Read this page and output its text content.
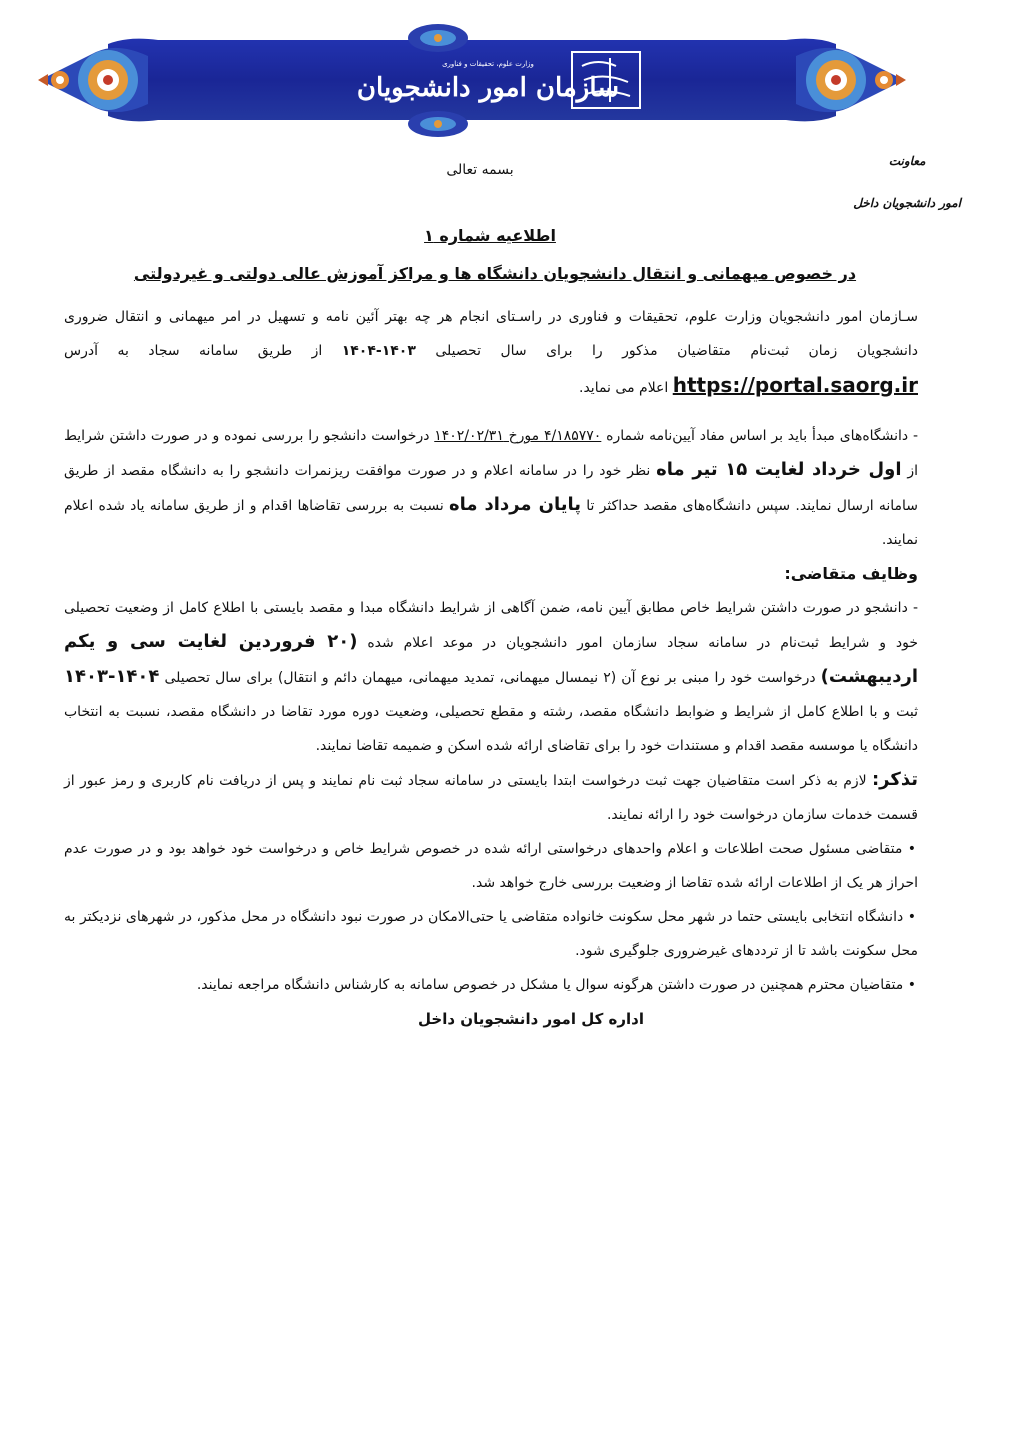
سازمان امور دانشجویان
وزارت علوم، تحقیقات و فناوری
معاونت
امور دانشجویان داخل
بسمه تعالی
اطلاعیه شماره ۱
در خصوص میهمانی و انتقال دانشجویان دانشگاه ها و مراکز آموزش عالی دولتی و غیردولتی

سـازمان امور دانشجویان وزارت علوم، تحقیقات و فناوری در راسـتای انجام هر چه بهتر آئین نامه و تسهیل در امر میهمانی و انتقال ضروری دانشجویان زمان ثبت‌نام متقاضیان مذکور را برای سال تحصیلی ۱۴۰۳-۱۴۰۴ از طریق سامانه سجاد به آدرس https://portal.saorg.ir اعلام می نماید.

- دانشگاه‌های مبدأ باید بر اساس مفاد آیین‌نامه شماره ۴/۱۸۵۷۷۰ مورخ ۱۴۰۲/۰۲/۳۱ درخواست دانشجو را بررسی نموده و در صورت داشتن شرایط از اول خرداد لغایت ۱۵ تیر ماه نظر خود را در سامانه اعلام و در صورت موافقت ریزنمرات دانشجو را به دانشگاه مقصد از طریق سامانه ارسال نمایند. سپس دانشگاه‌های مقصد حداکثر تا پایان مرداد ماه نسبت به بررسی تقاضاها اقدام و از طریق سامانه یاد شده اعلام نمایند.

وظایف متقاضی:

- دانشجو در صورت داشتن شرایط خاص مطابق آیین نامه، ضمن آگاهی از شرایط دانشگاه مبدا و مقصد بایستی با اطلاع کامل از وضعیت تحصیلی خود و شرایط ثبت‌نام در سامانه سجاد سازمان امور دانشجویان در موعد اعلام شده (۲۰ فروردین لغایت سی و یکم اردیبهشت) درخواست خود را مبنی بر نوع آن (۲ نیمسال میهمانی، تمدید میهمانی، میهمان دائم و انتقال) برای سال تحصیلی ۱۴۰۴-۱۴۰۳ ثبت و با اطلاع کامل از شرایط و ضوابط دانشگاه مقصد، رشته و مقطع تحصیلی، وضعیت دوره مورد تقاضا در دانشگاه مقصد، نسبت به انتخاب دانشگاه یا موسسه مقصد اقدام و مستندات خود را برای تقاضای ارائه شده اسکن و ضمیمه تقاضا نمایند.

تذکر: لازم به ذکر است متقاضیان جهت ثبت درخواست ابتدا بایستی در سامانه سجاد ثبت نام نمایند و پس از دریافت نام کاربری و رمز عبور از قسمت خدمات سازمان درخواست خود را ارائه نمایند.

• متقاضی مسئول صحت اطلاعات و اعلام واحدهای درخواستی ارائه شده در خصوص شرایط خاص و درخواست خود خواهد بود و در صورت عدم احراز هر یک از اطلاعات ارائه شده تقاضا از وضعیت بررسی خارج خواهد شد.

• دانشگاه انتخابی بایستی حتما در شهر محل سکونت خانواده متقاضی یا حتی‌الامکان در صورت نبود دانشگاه در محل مذکور، در شهرهای نزدیکتر به محل سکونت باشد تا از ترددهای غیرضروری جلوگیری شود.

• متقاضیان محترم همچنین در صورت داشتن هرگونه سوال یا مشکل در خصوص سامانه به کارشناس دانشگاه مراجعه نمایند.

اداره کل امور دانشجویان داخل
